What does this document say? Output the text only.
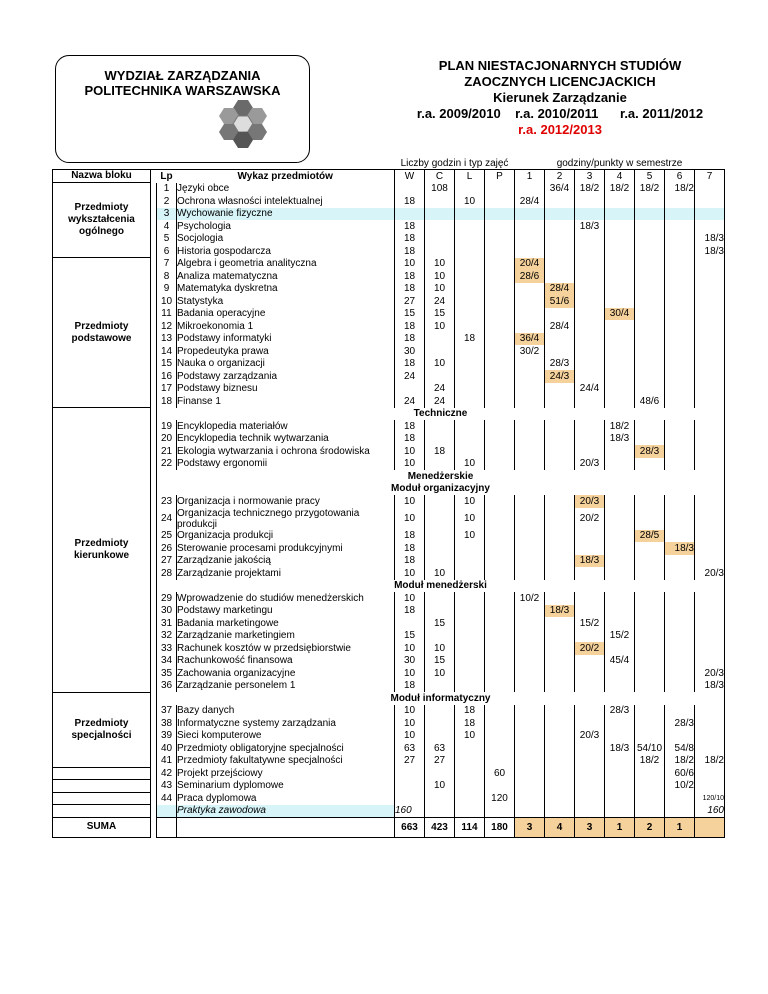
WYDZIAŁ ZARZĄDZANIA
POLITECHNIKA WARSZAWSKA
PLAN NIESTACJONARNYCH STUDIÓW
ZAOCZNYCH LICENCJACKICH
Kierunek Zarządzanie
r.a. 2009/2010    r.a. 2010/2011      r.a. 2011/2012
r.a. 2012/2013
				Liczby godzin i typ zajęć				godziny/punkty w semestrze						
Nazwa bloku		Lp	Wykaz przedmiotów	W	C	L	P	1	2	3	4	5	6	7
Przedmioty wykształcenia ogólnego		1	Języki obce		108				36/4	18/2	18/2	18/2	18/2	
		2	Ochrona własności intelektualnej	18		10		28/4						
		3	Wychowanie fizyczne											
		4	Psychologia	18						18/3				
		5	Socjologia	18										18/3
		6	Historia gospodarcza	18										18/3
Przedmioty podstawowe		7	Algebra i geometria analityczna	10	10			20/4						
		8	Analiza matematyczna	18	10			28/6						
		9	Matematyka dyskretna	18	10				28/4					
		10	Statystyka	27	24				51/6					
		11	Badania operacyjne	15	15						30/4			
		12	Mikroekonomia 1	18	10				28/4					
		13	Podstawy informatyki	18		18		36/4						
		14	Propedeutyka prawa	30				30/2						
		15	Nauka o organizacji	18	10				28/3					
		16	Podstawy zarządzania	24					24/3					
		17	Podstawy biznesu		24					24/4				
		18	Finanse 1	24	24							48/6		
Przedmioty kierunkowe		Techniczne												
		19	Encyklopedia materiałów	18							18/2			
		20	Encyklopedia technik wytwarzania	18							18/3			
		21	Ekologia wytwarzania i ochrona środowiska	10	18							28/3		
		22	Podstawy ergonomii	10		10				20/3				
		Menedżerskie												
		Moduł organizacyjny												
		23	Organizacja i normowanie pracy	10		10				20/3				
		24	Organizacja technicznego przygotowania produkcji	10		10				20/2				
		25	Organizacja produkcji	18		10						28/5		
		26	Sterowanie procesami produkcyjnymi	18									18/3	
		27	Zarządzanie jakością	18						18/3				
		28	Zarządzanie projektami	10	10									20/3
		Moduł menedżerski												
		29	Wprowadzenie do studiów menedżerskich	10				10/2						
		30	Podstawy marketingu	18					18/3					
		31	Badania marketingowe		15					15/2				
		32	Zarządzanie marketingiem	15							15/2			
		33	Rachunek kosztów w przedsiębiorstwie	10	10					20/2				
		34	Rachunkowość finansowa	30	15						45/4			
		35	Zachowania organizacyjne	10	10									20/3
		36	Zarządzanie personelem 1	18										18/3
Przedmioty specjalności		Moduł informatyczny												
		37	Bazy danych	10		18					28/3			
		38	Informatyczne systemy zarządzania	10		18							28/3	
		39	Sieci komputerowe	10		10				20/3				
		40	Przedmioty obligatoryjne specjalności	63	63						18/3	54/10	54/8	
		41	Przedmioty fakultatywne specjalności	27	27							18/2	18/2	18/2
		42	Projekt przejściowy				60						60/6	
		43	Seminarium dyplomowe		10								10/2	
		44	Praca dyplomowa				120							120/10
			Praktyka zawodowa	160										160
SUMA				663	423	114	180	3	4	3	1	2	1	
